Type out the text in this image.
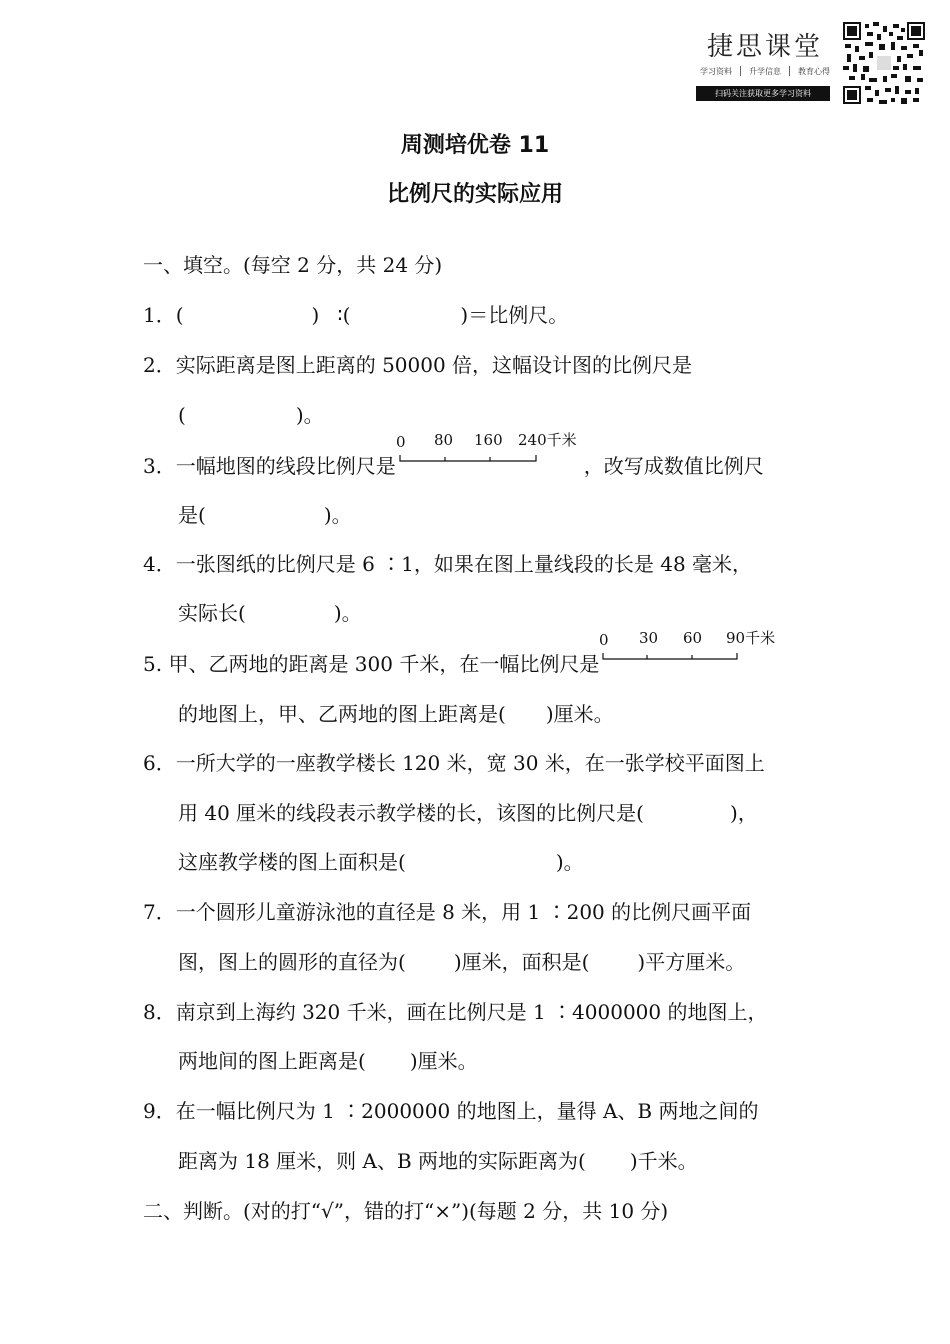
捷思课堂
学习资料 升学信息 教育心得
扫码关注获取更多学习资料
周测培优卷 11
比例尺的实际应用
一、填空。(每空 2 分，共 24 分)
1．(	) ∶(	)＝比例尺。
2．实际距离是图上距离的 50000 倍，这幅设计图的比例尺是
(	)。
3．一幅地图的线段比例尺是
0 80 160 240千米
，改写成数值比例尺
是(	)。
4．一张图纸的比例尺是 6 ∶1，如果在图上量线段的长是 48 毫米，
实际长(	)。
5. 甲、乙两地的距离是 300 千米，在一幅比例尺是
0 30 60 90千米
的地图上，甲、乙两地的图上距离是( )厘米。
6．一所大学的一座教学楼长 120 米，宽 30 米，在一张学校平面图上
用 40 厘米的线段表示教学楼的长，该图的比例尺是(	)，
这座教学楼的图上面积是(	)。
7．一个圆形儿童游泳池的直径是 8 米，用 1 ∶200 的比例尺画平面
图，图上的圆形的直径为( )厘米，面积是( )平方厘米。
8．南京到上海约 320 千米，画在比例尺是 1 ∶4000000 的地图上，
两地间的图上距离是( )厘米。
9．在一幅比例尺为 1 ∶2000000 的地图上，量得 A、B 两地之间的
距离为 18 厘米，则 A、B 两地的实际距离为( )千米。
二、判断。(对的打“√”，错的打“×”)(每题 2 分，共 10 分)
